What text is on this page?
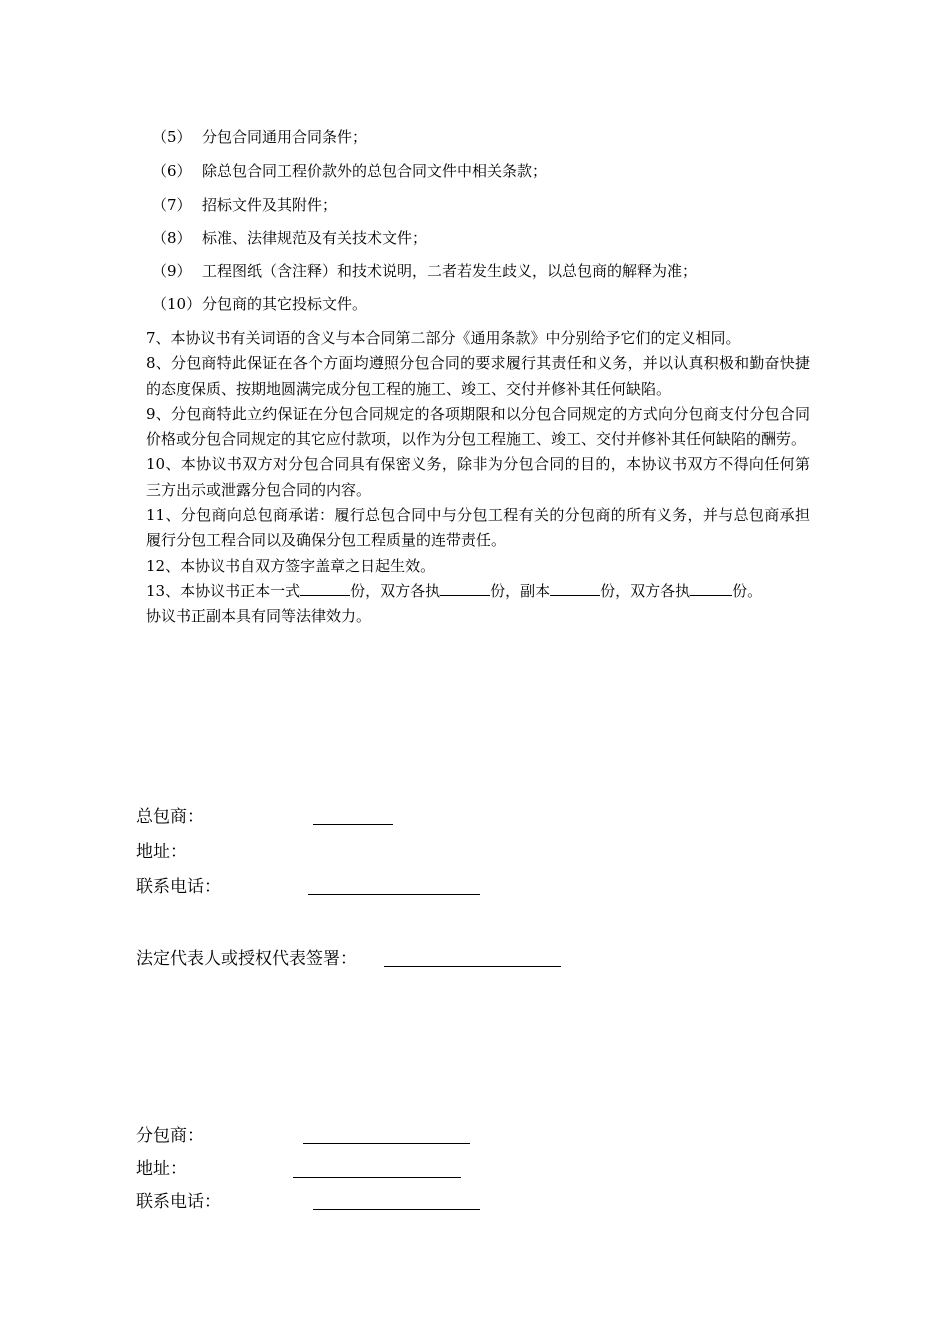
（5） 分包合同通用合同条件；
（6） 除总包合同工程价款外的总包合同文件中相关条款；
（7） 招标文件及其附件；
（8） 标准、法律规范及有关技术文件；
（9） 工程图纸（含注释）和技术说明，二者若发生歧义，以总包商的解释为准；
（10）分包商的其它投标文件。

7、本协议书有关词语的含义与本合同第二部分《通用条款》中分别给予它们的定义相同。

8、分包商特此保证在各个方面均遵照分包合同的要求履行其责任和义务，并以认真积极和勤奋快捷的态度保质、按期地圆满完成分包工程的施工、竣工、交付并修补其任何缺陷。

9、分包商特此立约保证在分包合同规定的各项期限和以分包合同规定的方式向分包商支付分包合同价格或分包合同规定的其它应付款项，以作为分包工程施工、竣工、交付并修补其任何缺陷的酬劳。

10、本协议书双方对分包合同具有保密义务，除非为分包合同的目的，本协议书双方不得向任何第三方出示或泄露分包合同的内容。

11、分包商向总包商承诺：履行总包合同中与分包工程有关的分包商的所有义务，并与总包商承担履行分包工程合同以及确保分包工程质量的连带责任。

12、本协议书自双方签字盖章之日起生效。

13、本协议书正本一式	份，双方各执	份，副本	份，双方各执	份。

协议书正副本具有同等法律效力。

总包商：
地址：
联系电话：
法定代表人或授权代表签署：
分包商：
地址：
联系电话：
